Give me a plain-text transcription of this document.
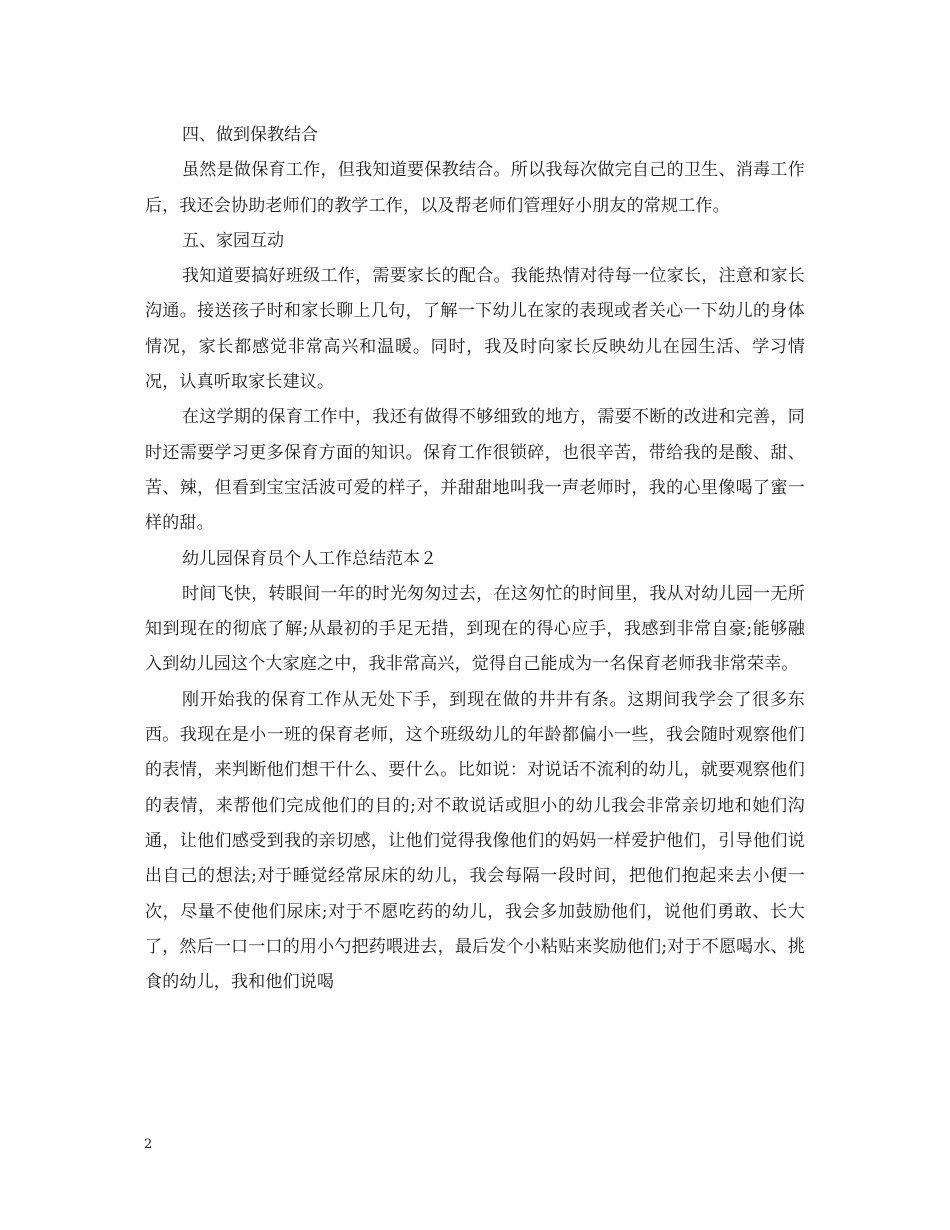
四、做到保教结合

虽然是做保育工作，但我知道要保教结合。所以我每次做完自己的卫生、消毒工作后，我还会协助老师们的教学工作，以及帮老师们管理好小朋友的常规工作。

五、家园互动

我知道要搞好班级工作，需要家长的配合。我能热情对待每一位家长，注意和家长沟通。接送孩子时和家长聊上几句，了解一下幼儿在家的表现或者关心一下幼儿的身体情况，家长都感觉非常高兴和温暖。同时，我及时向家长反映幼儿在园生活、学习情况，认真听取家长建议。

在这学期的保育工作中，我还有做得不够细致的地方，需要不断的改进和完善，同时还需要学习更多保育方面的知识。保育工作很锁碎，也很辛苦，带给我的是酸、甜、苦、辣，但看到宝宝活波可爱的样子，并甜甜地叫我一声老师时，我的心里像喝了蜜一样的甜。

幼儿园保育员个人工作总结范本２

时间飞快，转眼间一年的时光匆匆过去，在这匆忙的时间里，我从对幼儿园一无所知到现在的彻底了解;从最初的手足无措，到现在的得心应手，我感到非常自豪;能够融入到幼儿园这个大家庭之中，我非常高兴，觉得自己能成为一名保育老师我非常荣幸。

刚开始我的保育工作从无处下手，到现在做的井井有条。这期间我学会了很多东西。我现在是小一班的保育老师，这个班级幼儿的年龄都偏小一些，我会随时观察他们的表情，来判断他们想干什么、要什么。比如说：对说话不流利的幼儿，就要观察他们的表情，来帮他们完成他们的目的;对不敢说话或胆小的幼儿我会非常亲切地和她们沟通，让他们感受到我的亲切感，让他们觉得我像他们的妈妈一样爱护他们，引导他们说出自己的想法;对于睡觉经常尿床的幼儿，我会每隔一段时间，把他们抱起来去小便一次，尽量不使他们尿床;对于不愿吃药的幼儿，我会多加鼓励他们，说他们勇敢、长大了，然后一口一口的用小勺把药喂进去，最后发个小粘贴来奖励他们;对于不愿喝水、挑食的幼儿，我和他们说喝

2
